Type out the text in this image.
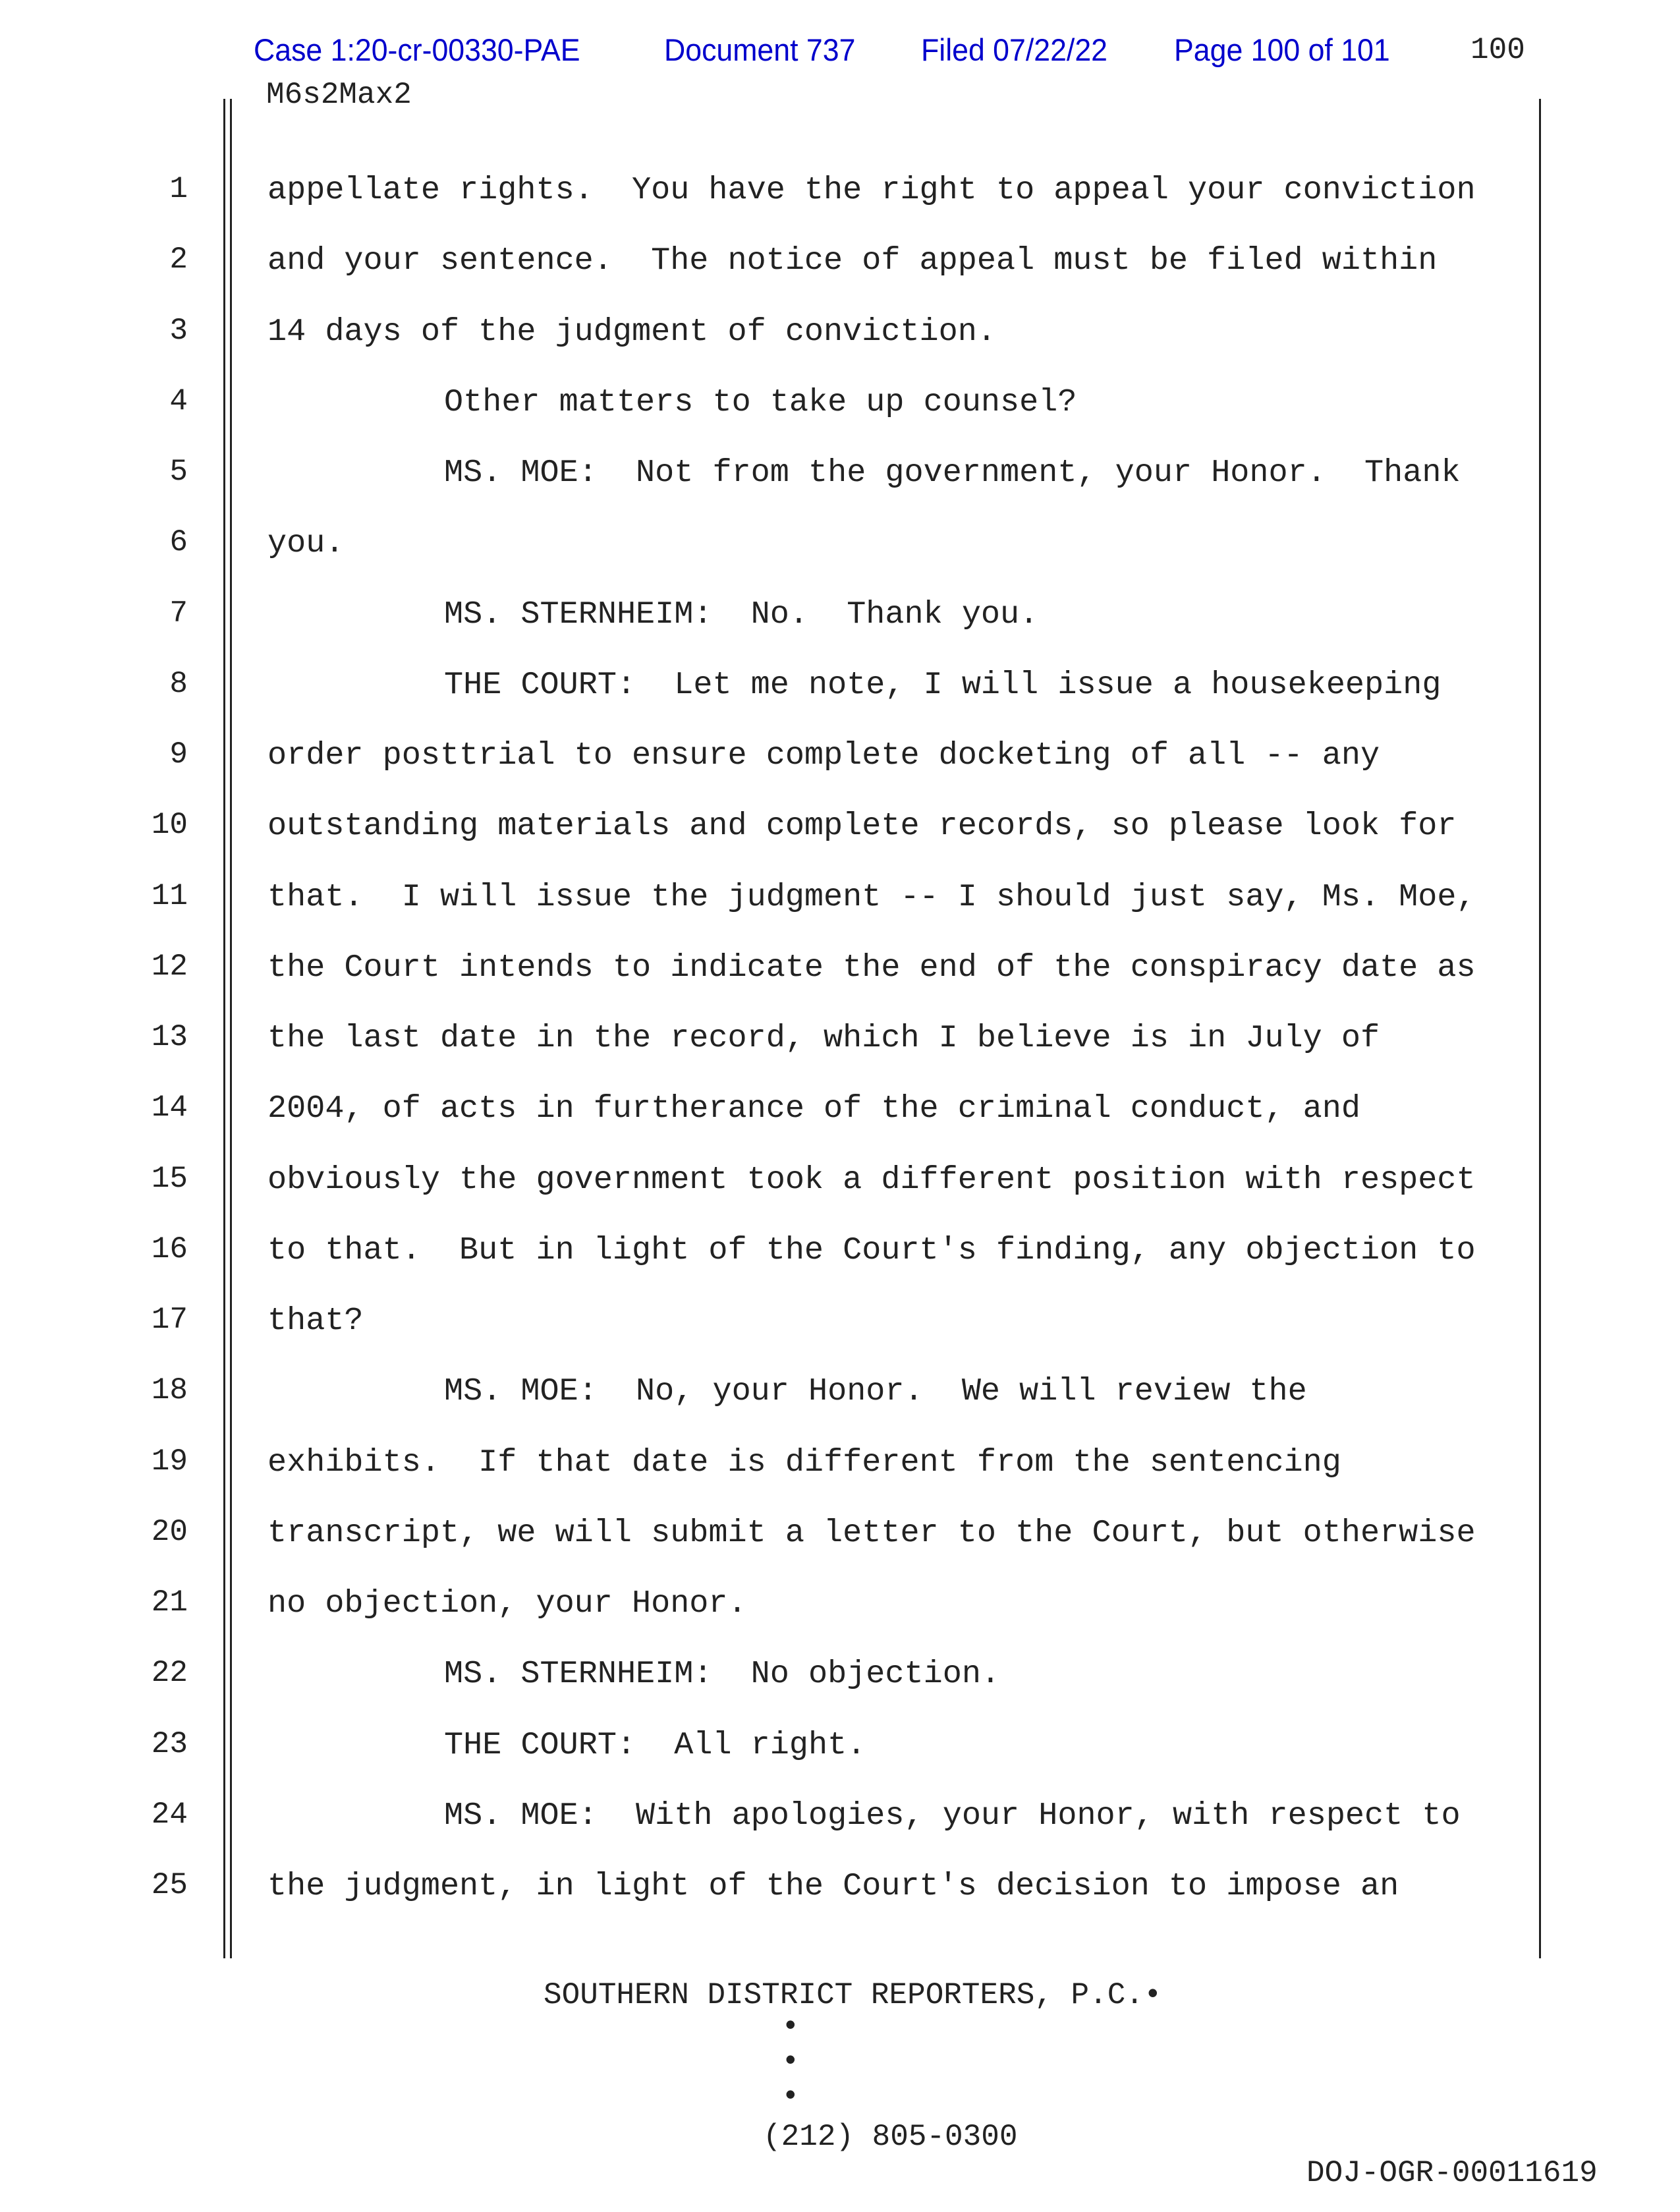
Case 1:20-cr-00330-PAE	Document 737 Filed 07/22/22 Page 100 of 101	100
M6s2Max2
1 appellate rights.  You have the right to appeal your conviction
2 and your sentence.  The notice of appeal must be filed within
3 14 days of the judgment of conviction.
4	Other matters to take up counsel?
5	MS. MOE:  Not from the government, your Honor.  Thank
6 you.
7	MS. STERNHEIM:  No.  Thank you.
8	THE COURT:  Let me note, I will issue a housekeeping
9 order posttrial to ensure complete docketing of all -- any
10 outstanding materials and complete records, so please look for
11 that.  I will issue the judgment -- I should just say, Ms. Moe,
12 the Court intends to indicate the end of the conspiracy date as
13 the last date in the record, which I believe is in July of
14 2004, of acts in furtherance of the criminal conduct, and
15 obviously the government took a different position with respect
16 to that.  But in light of the Court's finding, any objection to
17 that?
18	MS. MOE:  No, your Honor.  We will review the
19 exhibits.  If that date is different from the sentencing
20 transcript, we will submit a letter to the Court, but otherwise
21 no objection, your Honor.
22	MS. STERNHEIM:  No objection.
23	THE COURT:  All right.
24	MS. MOE:  With apologies, your Honor, with respect to
25 the judgment, in light of the Court's decision to impose an
SOUTHERN DISTRICT REPORTERS, P.C.•
•
•
•
(212) 805-0300
DOJ-OGR-00011619
